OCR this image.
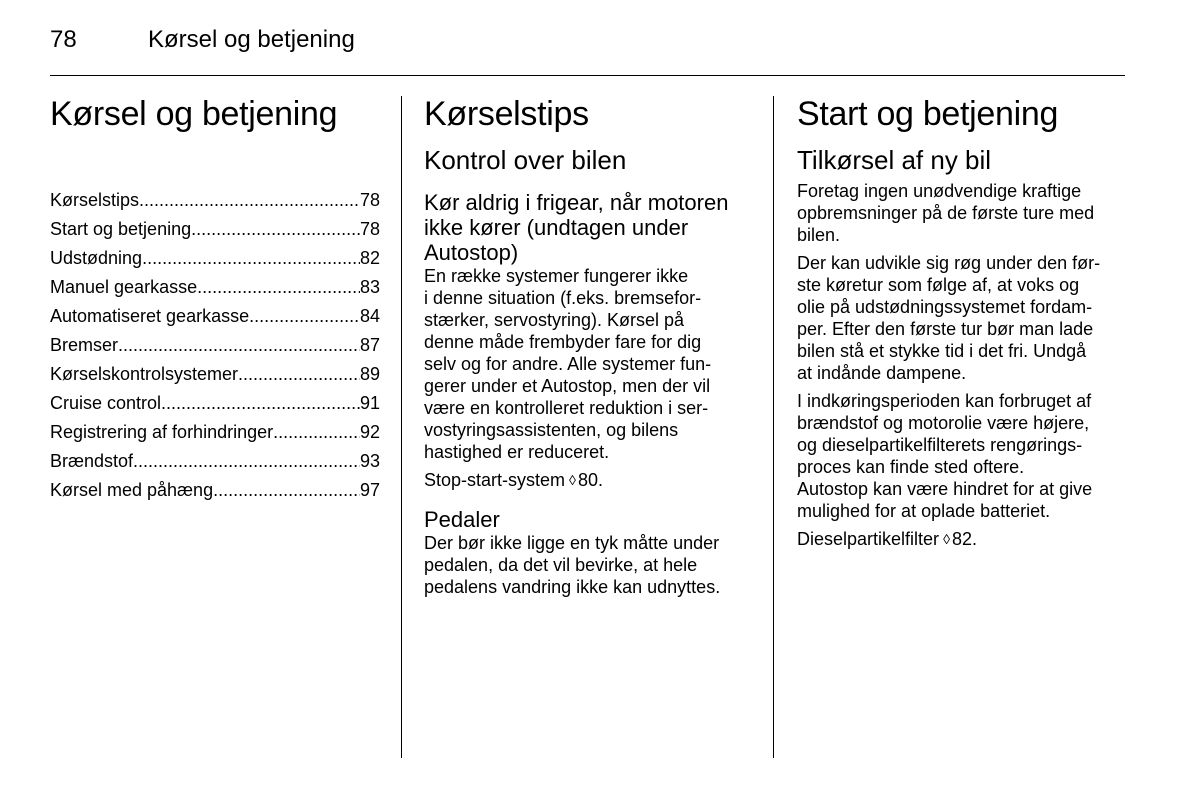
78	Kørsel og betjening
Kørsel og betjening
Kørselstips .....	78
Start og betjening .....	78
Udstødning .....	82
Manuel gearkasse .....	83
Automatiseret gearkasse .....	84
Bremser .....	87
Kørselskontrolsystemer .....	89
Cruise control .....	91
Registrering af forhindringer .....	92
Brændstof .....	93
Kørsel med påhæng .....	97
Kørselstips
Kontrol over bilen
Kør aldrig i frigear, når motoren
ikke kører (undtagen under
Autostop)

En række systemer fungerer ikke
i denne situation (f.eks. bremsefor-
stærker, servostyring). Kørsel på
denne måde frembyder fare for dig
selv og for andre. Alle systemer fun-
gerer under et Autostop, men der vil
være en kontrolleret reduktion i ser-
vostyringsassistenten, og bilens
hastighed er reduceret.

Stop-start-system ◊ 80.

Pedaler

Der bør ikke ligge en tyk måtte under
pedalen, da det vil bevirke, at hele
pedalens vandring ikke kan udnyttes.

Start og betjening
Tilkørsel af ny bil

Foretag ingen unødvendige kraftige
opbremsninger på de første ture med
bilen.

Der kan udvikle sig røg under den før-
ste køretur som følge af, at voks og
olie på udstødningssystemet fordam-
per. Efter den første tur bør man lade
bilen stå et stykke tid i det fri. Undgå
at indånde dampene.

I indkøringsperioden kan forbruget af
brændstof og motorolie være højere,
og dieselpartikelfilterets rengørings-
proces kan finde sted oftere.
Autostop kan være hindret for at give
mulighed for at oplade batteriet.

Dieselpartikelfilter ◊ 82.
